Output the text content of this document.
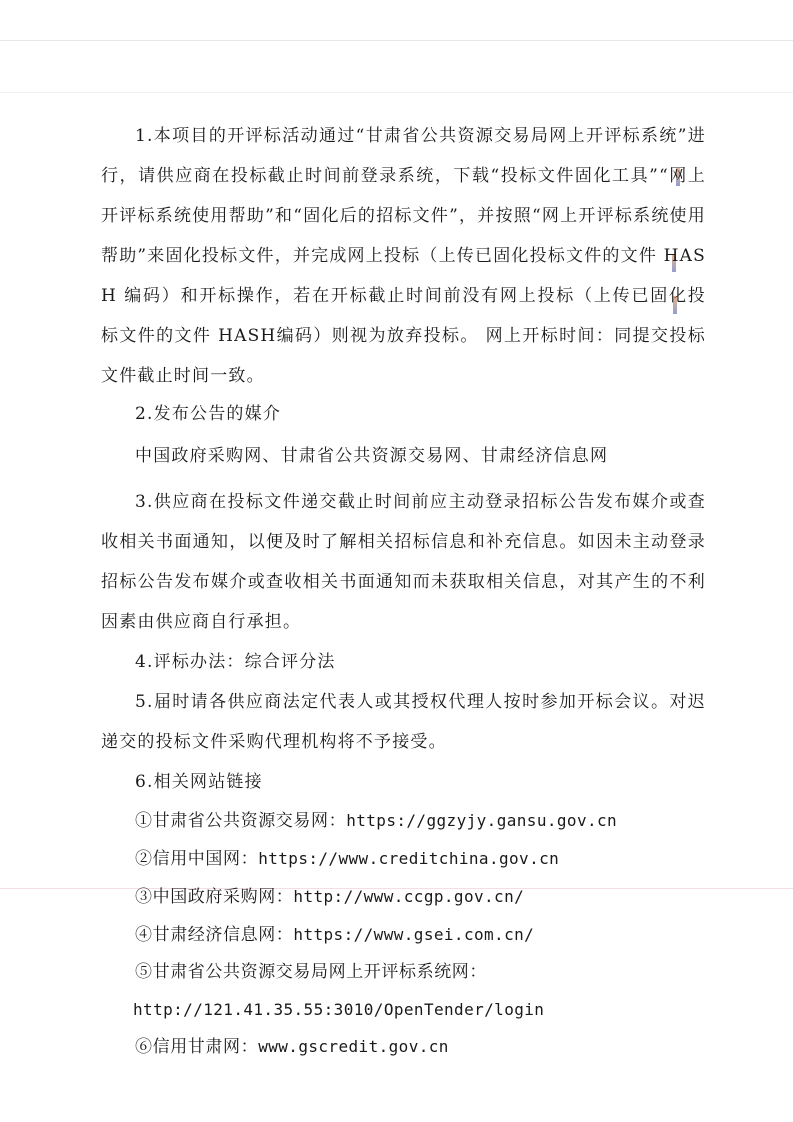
1.本项目的开评标活动通过“甘肃省公共资源交易局网上开评标系统”进行，请供应商在投标截止时间前登录系统，下载“投标文件固化工具”“网上开评标系统使用帮助”和“固化后的招标文件”，并按照“网上开评标系统使用帮助”来固化投标文件，并完成网上投标（上传已固化投标文件的文件 HASH 编码）和开标操作，若在开标截止时间前没有网上投标（上传已固化投标文件的文件 HASH编码）则视为放弃投标。 网上开标时间：同提交投标文件截止时间一致。

2.发布公告的媒介

中国政府采购网、甘肃省公共资源交易网、甘肃经济信息网

3.供应商在投标文件递交截止时间前应主动登录招标公告发布媒介或查收相关书面通知，以便及时了解相关招标信息和补充信息。如因未主动登录招标公告发布媒介或查收相关书面通知而未获取相关信息，对其产生的不利因素由供应商自行承担。

4.评标办法：综合评分法

5.届时请各供应商法定代表人或其授权代理人按时参加开标会议。对迟递交的投标文件采购代理机构将不予接受。

6.相关网站链接

①甘肃省公共资源交易网：https://ggzyjy.gansu.gov.cn

②信用中国网：https://www.creditchina.gov.cn

③中国政府采购网：http://www.ccgp.gov.cn/

④甘肃经济信息网：https://www.gsei.com.cn/

⑤甘肃省公共资源交易局网上开评标系统网：

http://121.41.35.55:3010/OpenTender/login

⑥信用甘肃网：www.gscredit.gov.cn
